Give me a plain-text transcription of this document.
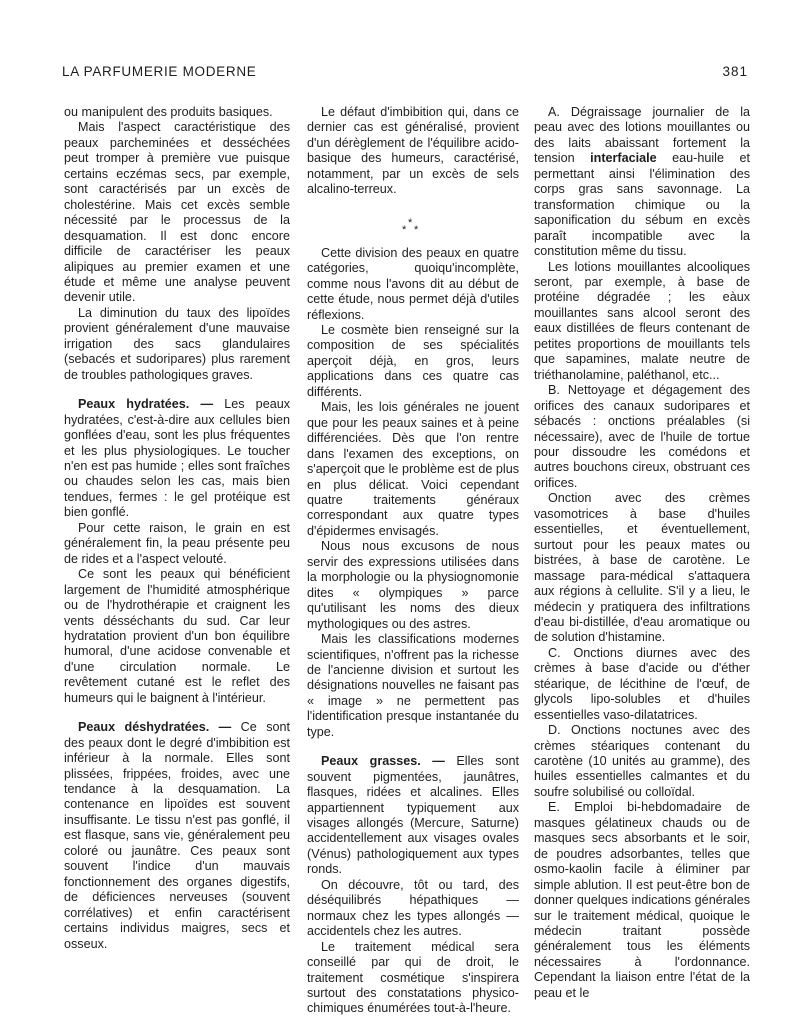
LA PARFUMERIE MODERNE	381

ou manipulent des produits basiques.

Mais l'aspect caractéristique des peaux parcheminées et desséchées peut tromper à première vue puisque certains eczémas secs, par exemple, sont caractérisés par un excès de cholestérine. Mais cet excès semble nécessité par le processus de la desquamation. Il est donc encore difficile de caractériser les peaux alipiques au premier examen et une étude et même une analyse peuvent devenir utile.

La diminution du taux des lipoïdes provient généralement d'une mauvaise irrigation des sacs glandulaires (sebacés et sudoripares) plus rarement de troubles pathologiques graves.

Peaux hydratées. — Les peaux hydratées, c'est-à-dire aux cellules bien gonflées d'eau, sont les plus fréquentes et les plus physiologiques. Le toucher n'en est pas humide ; elles sont fraîches ou chaudes selon les cas, mais bien tendues, fermes : le gel protéique est bien gonflé.

Pour cette raison, le grain en est généralement fin, la peau présente peu de rides et a l'aspect velouté.

Ce sont les peaux qui bénéficient largement de l'humidité atmosphérique ou de l'hydrothérapie et craignent les vents désséchants du sud. Car leur hydratation provient d'un bon équilibre humoral, d'une acidose convenable et d'une circulation normale. Le revêtement cutané est le reflet des humeurs qui le baignent à l'intérieur.

Peaux déshydratées. — Ce sont des peaux dont le degré d'imbibition est inférieur à la normale. Elles sont plissées, frippées, froides, avec une tendance à la desquamation. La contenance en lipoïdes est souvent insuffisante. Le tissu n'est pas gonflé, il est flasque, sans vie, généralement peu coloré ou jaunâtre. Ces peaux sont souvent l'indice d'un mauvais fonctionnement des organes digestifs, de déficiences nerveuses (souvent corrélatives) et enfin caractérisent certains individus maigres, secs et osseux.

Le défaut d'imbibition qui, dans ce dernier cas est généralisé, provient d'un dérèglement de l'équilibre acido-basique des humeurs, caractérisé, notamment, par un excès de sels alcalino-terreux.

*
* *

Cette division des peaux en quatre catégories, quoiqu'incomplète, comme nous l'avons dit au début de cette étude, nous permet déjà d'utiles réflexions.

Le cosmète bien renseigné sur la composition de ses spécialités aperçoit déjà, en gros, leurs applications dans ces quatre cas différents.

Mais, les lois générales ne jouent que pour les peaux saines et à peine différenciées. Dès que l'on rentre dans l'examen des exceptions, on s'aperçoit que le problème est de plus en plus délicat. Voici cependant quatre traitements généraux correspondant aux quatre types d'épidermes envisagés.

Nous nous excusons de nous servir des expressions utilisées dans la morphologie ou la physiognomonie dites « olympiques » parce qu'utilisant les noms des dieux mythologiques ou des astres.

Mais les classifications modernes scientifiques, n'offrent pas la richesse de l'ancienne division et surtout les désignations nouvelles ne faisant pas « image » ne permettent pas l'identification presque instantanée du type.

Peaux grasses. — Elles sont souvent pigmentées, jaunâtres, flasques, ridées et alcalines. Elles appartiennent typiquement aux visages allongés (Mercure, Saturne) accidentellement aux visages ovales (Vénus) pathologiquement aux types ronds.

On découvre, tôt ou tard, des déséquilibrés hépathiques — normaux chez les types allongés — accidentels chez les autres.

Le traitement médical sera conseillé par qui de droit, le traitement cosmétique s'inspirera surtout des constatations physico-chimiques énumérées tout-à-l'heure.

A. Dégraissage journalier de la peau avec des lotions mouillantes ou des laits abaissant fortement la tension interfaciale eau-huile et permettant ainsi l'élimination des corps gras sans savonnage. La transformation chimique ou la saponification du sébum en excès paraît incompatible avec la constitution même du tissu.

Les lotions mouillantes alcooliques seront, par exemple, à base de protéine dégradée ; les eàux mouillantes sans alcool seront des eaux distillées de fleurs contenant de petites proportions de mouillants tels que sapamines, malate neutre de triéthanolamine, paléthanol, etc...

B. Nettoyage et dégagement des orifices des canaux sudoripares et sébacés : onctions préalables (si nécessaire), avec de l'huile de tortue pour dissoudre les comédons et autres bouchons cireux, obstruant ces orifices.

Onction avec des crèmes vasomotrices à base d'huiles essentielles, et éventuellement, surtout pour les peaux mates ou bistrées, à base de carotène. Le massage para-médical s'attaquera aux régions à cellulite. S'il y a lieu, le médecin y pratiquera des infiltrations d'eau bi-distillée, d'eau aromatique ou de solution d'histamine.

C. Onctions diurnes avec des crèmes à base d'acide ou d'éther stéarique, de lécithine de l'œuf, de glycols lipo-solubles et d'huiles essentielles vaso-dilatatrices.

D. Onctions noctunes avec des crèmes stéariques contenant du carotène (10 unités au gramme), des huiles essentielles calmantes et du soufre solubilisé ou colloïdal.

E. Emploi bi-hebdomadaire de masques gélatineux chauds ou de masques secs absorbants et le soir, de poudres adsorbantes, telles que osmo-kaolin facile à éliminer par simple ablution. Il est peut-être bon de donner quelques indications générales sur le traitement médical, quoique le médecin traitant possède généralement tous les éléments nécessaires à l'ordonnance. Cependant la liaison entre l'état de la peau et le
